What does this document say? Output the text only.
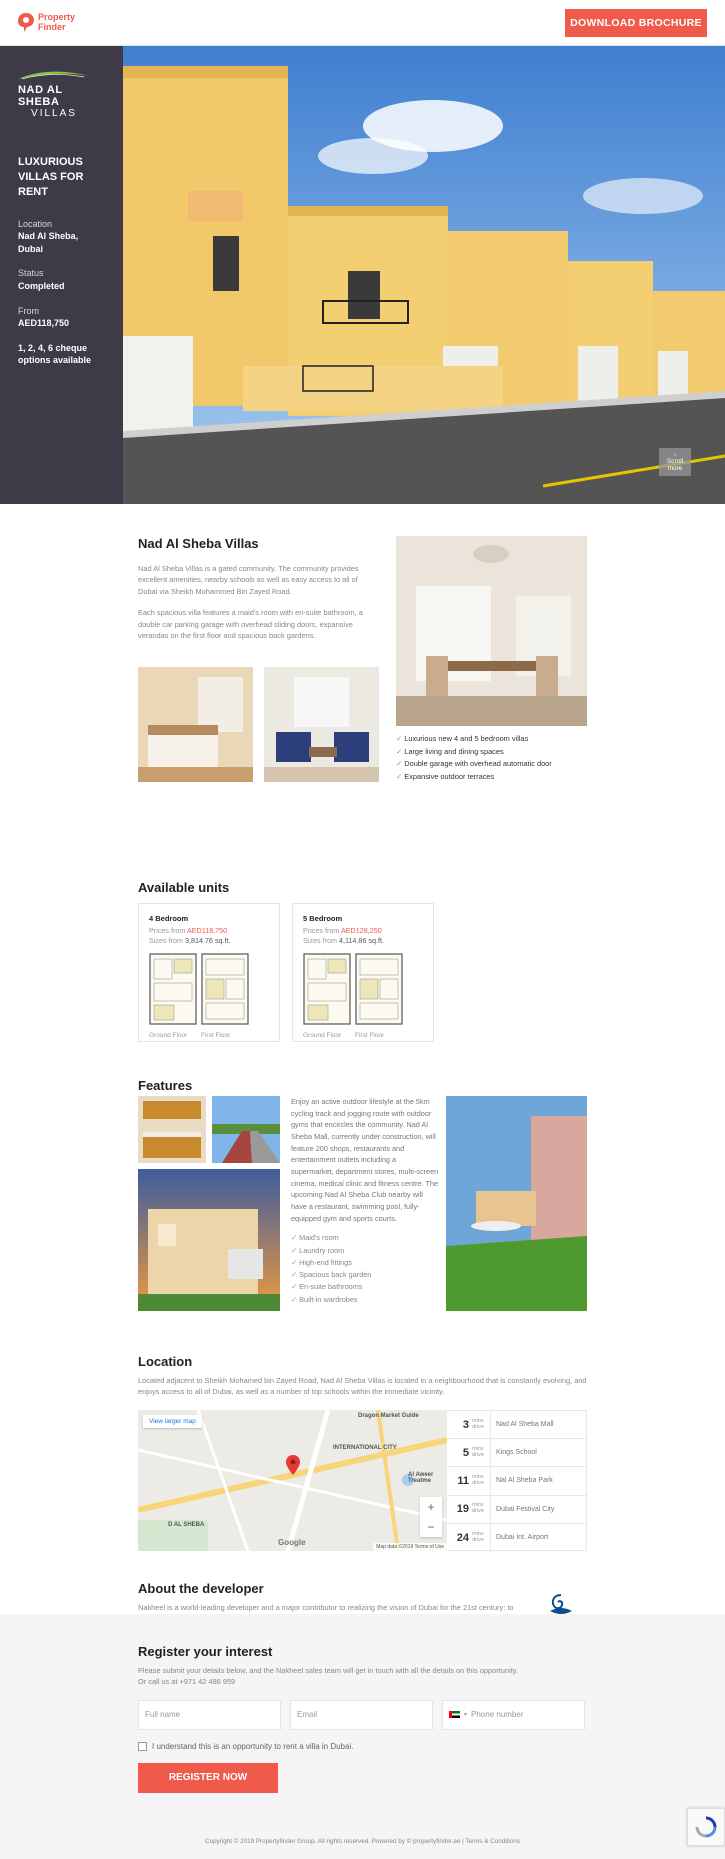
Property
Finder	DOWNLOAD BROCHURE
NAD AL SHEBA
VILLAS
LUXURIOUS VILLAS FOR RENT
Location
Nad Al Sheba, Dubai
Status
Completed
From
AED118,750
1, 2, 4, 6 cheque options available
↓
Scroll
more
Nad Al Sheba Villas

Nad Al Sheba Villas is a gated community. The community provides excellent amenities, nearby schools as well as easy access to all of Dubai via Sheikh Mohammed Bin Zayed Road.

Each spacious villa features a maid's room with en-suite bathroom, a double car parking garage with overhead sliding doors, expansive verandas on the first floor and spacious back gardens.

✓ Luxurious new 4 and 5 bedroom villas
✓ Large living and dining spaces
✓ Double garage with overhead automatic door
✓ Expansive outdoor terraces
Available units
4 Bedroom
Prices from AED118,750
Sizes from 3,814.76 sq.ft.
Ground Floor	First Floor
5 Bedroom
Prices from AED128,250
Sizes from 4,114.86 sq.ft.
Ground Floor	First Floor
Features
Enjoy an active outdoor lifestyle at the 5km cycling track and jogging route with outdoor gyms that encircles the community. Nad Al Sheba Mall, currently under construction, will feature 200 shops, restaurants and entertainment outlets including a supermarket, department stores, multi-screen cinema, medical clinic and fitness centre. The upcoming Nad Al Sheba Club nearby will have a restaurant, swimming pool, fully-equipped gym and sports courts.
✓ Maid's room
✓ Laundry room
✓ High-end fittings
✓ Spacious back garden
✓ En-suite bathrooms
✓ Built-in wardrobes
Location

Located adjacent to Sheikh Mohamed bin Zayed Road, Nad Al Sheba Villas is located in a neighbourhood that is constantly evolving, and enjoys access to all of Dubai, as well as a number of top schools within the immediate vicinity.

View larger map
Dragon Market Guide
INTERNATIONAL CITY
Al Aweer Treatme
D AL SHEBA
+
−
Google	Map data ©2019 Terms of Use
3 mins drive	Nad Al Sheba Mall
5 mins drive	Kings School
11 mins drive	Nal Al Sheba Park
19 mins drive	Dubai Festival City
24 mins drive	Dubai Int. Airport
About the developer

Nakheel is a world-leading developer and a major contributor to realizing the vision of Dubai for the 21st century: to

Register your interest

Please submit your details below, and the Nakheel sales team will get in touch with all the details on this opportunity.
Or call us at +971 42 486 959

Full name	Email	▾ Phone number
I understand this is an opportunity to rent a villa in Dubai.
REGISTER NOW
Copyright © 2019 Propertyfinder Group. All rights reserved. Powered by © propertyfinder.ae | Terms & Conditions
